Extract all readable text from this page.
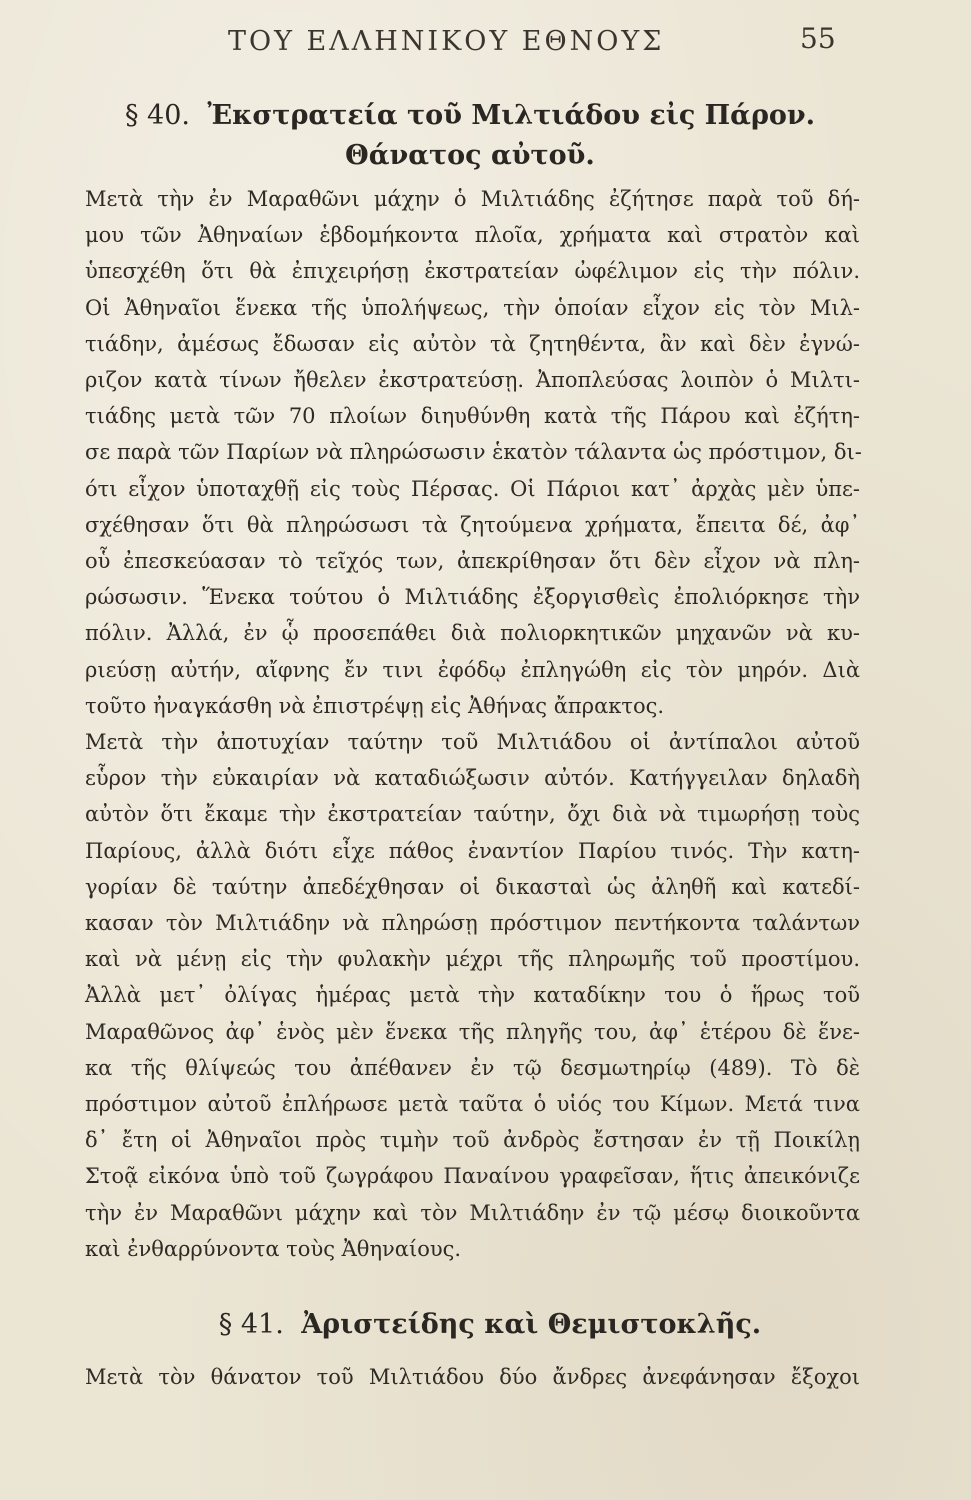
ΤΟΥ ΕΛΛΗΝΙΚΟΥ ΕΘΝΟΥΣ	55
§ 40. Ἐκστρατεία τοῦ Μιλτιάδου εἰς Πάρον.
Θάνατος αὐτοῦ.
Μετὰ τὴν ἐν Μαραθῶνι μάχην ὁ Μιλτιάδης ἐζήτησε παρὰ τοῦ δή-
μου τῶν Ἀθηναίων ἑβδομήκοντα πλοῖα, χρήματα καὶ στρατὸν καὶ
ὑπεσχέθη ὅτι θὰ ἐπιχειρήσῃ ἐκστρατείαν ὠφέλιμον εἰς τὴν πόλιν.
Οἱ Ἀθηναῖοι ἕνεκα τῆς ὑπολήψεως, τὴν ὁποίαν εἶχον εἰς τὸν Μιλ-
τιάδην, ἀμέσως ἔδωσαν εἰς αὐτὸν τὰ ζητηθέντα, ἂν καὶ δὲν ἐγνώ-
ριζον κατὰ τίνων ἤθελεν ἐκστρατεύσῃ. Ἀποπλεύσας λοιπὸν ὁ Μιλτι-
τιάδης μετὰ τῶν 70 πλοίων διηυθύνθη κατὰ τῆς Πάρου καὶ ἐζήτη-
σε παρὰ τῶν Παρίων νὰ πληρώσωσιν ἑκατὸν τάλαντα ὡς πρόστιμον, δι-
ότι εἶχον ὑποταχθῇ εἰς τοὺς Πέρσας. Οἱ Πάριοι κατ᾽ ἀρχὰς μὲν ὑπε-
σχέθησαν ὅτι θὰ πληρώσωσι τὰ ζητούμενα χρήματα, ἔπειτα δέ, ἀφ᾽
οὗ ἐπεσκεύασαν τὸ τεῖχός των, ἀπεκρίθησαν ὅτι δὲν εἶχον νὰ πλη-
ρώσωσιν. Ἕνεκα τούτου ὁ Μιλτιάδης ἐξοργισθεὶς ἐπολιόρκησε τὴν
πόλιν. Ἀλλά, ἐν ᾧ προσεπάθει διὰ πολιορκητικῶν μηχανῶν νὰ κυ-
ριεύσῃ αὐτήν, αἴφνης ἔν τινι ἐφόδῳ ἐπληγώθη εἰς τὸν μηρόν. Διὰ
τοῦτο ἠναγκάσθη νὰ ἐπιστρέψῃ εἰς Ἀθήνας ἄπρακτος.
Μετὰ τὴν ἀποτυχίαν ταύτην τοῦ Μιλτιάδου οἱ ἀντίπαλοι αὐτοῦ
εὗρον τὴν εὐκαιρίαν νὰ καταδιώξωσιν αὐτόν. Κατήγγειλαν δηλαδὴ
αὐτὸν ὅτι ἔκαμε τὴν ἐκστρατείαν ταύτην, ὄχι διὰ νὰ τιμωρήσῃ τοὺς
Παρίους, ἀλλὰ διότι εἶχε πάθος ἐναντίον Παρίου τινός. Τὴν κατη-
γορίαν δὲ ταύτην ἀπεδέχθησαν οἱ δικασταὶ ὡς ἀληθῆ καὶ κατεδί-
κασαν τὸν Μιλτιάδην νὰ πληρώσῃ πρόστιμον πεντήκοντα ταλάντων
καὶ νὰ μένῃ εἰς τὴν φυλακὴν μέχρι τῆς πληρωμῆς τοῦ προστίμου.
Ἀλλὰ μετ᾽ ὀλίγας ἡμέρας μετὰ τὴν καταδίκην του ὁ ἥρως τοῦ
Μαραθῶνος ἀφ᾽ ἑνὸς μὲν ἕνεκα τῆς πληγῆς του, ἀφ᾽ ἑτέρου δὲ ἕνε-
κα τῆς θλίψεώς του ἀπέθανεν ἐν τῷ δεσμωτηρίῳ (489). Τὸ δὲ
πρόστιμον αὐτοῦ ἐπλήρωσε μετὰ ταῦτα ὁ υἱός του Κίμων. Μετά τινα
δ᾽ ἔτη οἱ Ἀθηναῖοι πρὸς τιμὴν τοῦ ἀνδρὸς ἔστησαν ἐν τῇ Ποικίλῃ
Στοᾷ εἰκόνα ὑπὸ τοῦ ζωγράφου Παναίνου γραφεῖσαν, ἥτις ἀπεικόνιζε
τὴν ἐν Μαραθῶνι μάχην καὶ τὸν Μιλτιάδην ἐν τῷ μέσῳ διοικοῦντα
καὶ ἐνθαρρύνοντα τοὺς Ἀθηναίους.
§ 41. Ἀριστείδης καὶ Θεμιστοκλῆς.
Μετὰ τὸν θάνατον τοῦ Μιλτιάδου δύο ἄνδρες ἀνεφάνησαν ἔξοχοι
